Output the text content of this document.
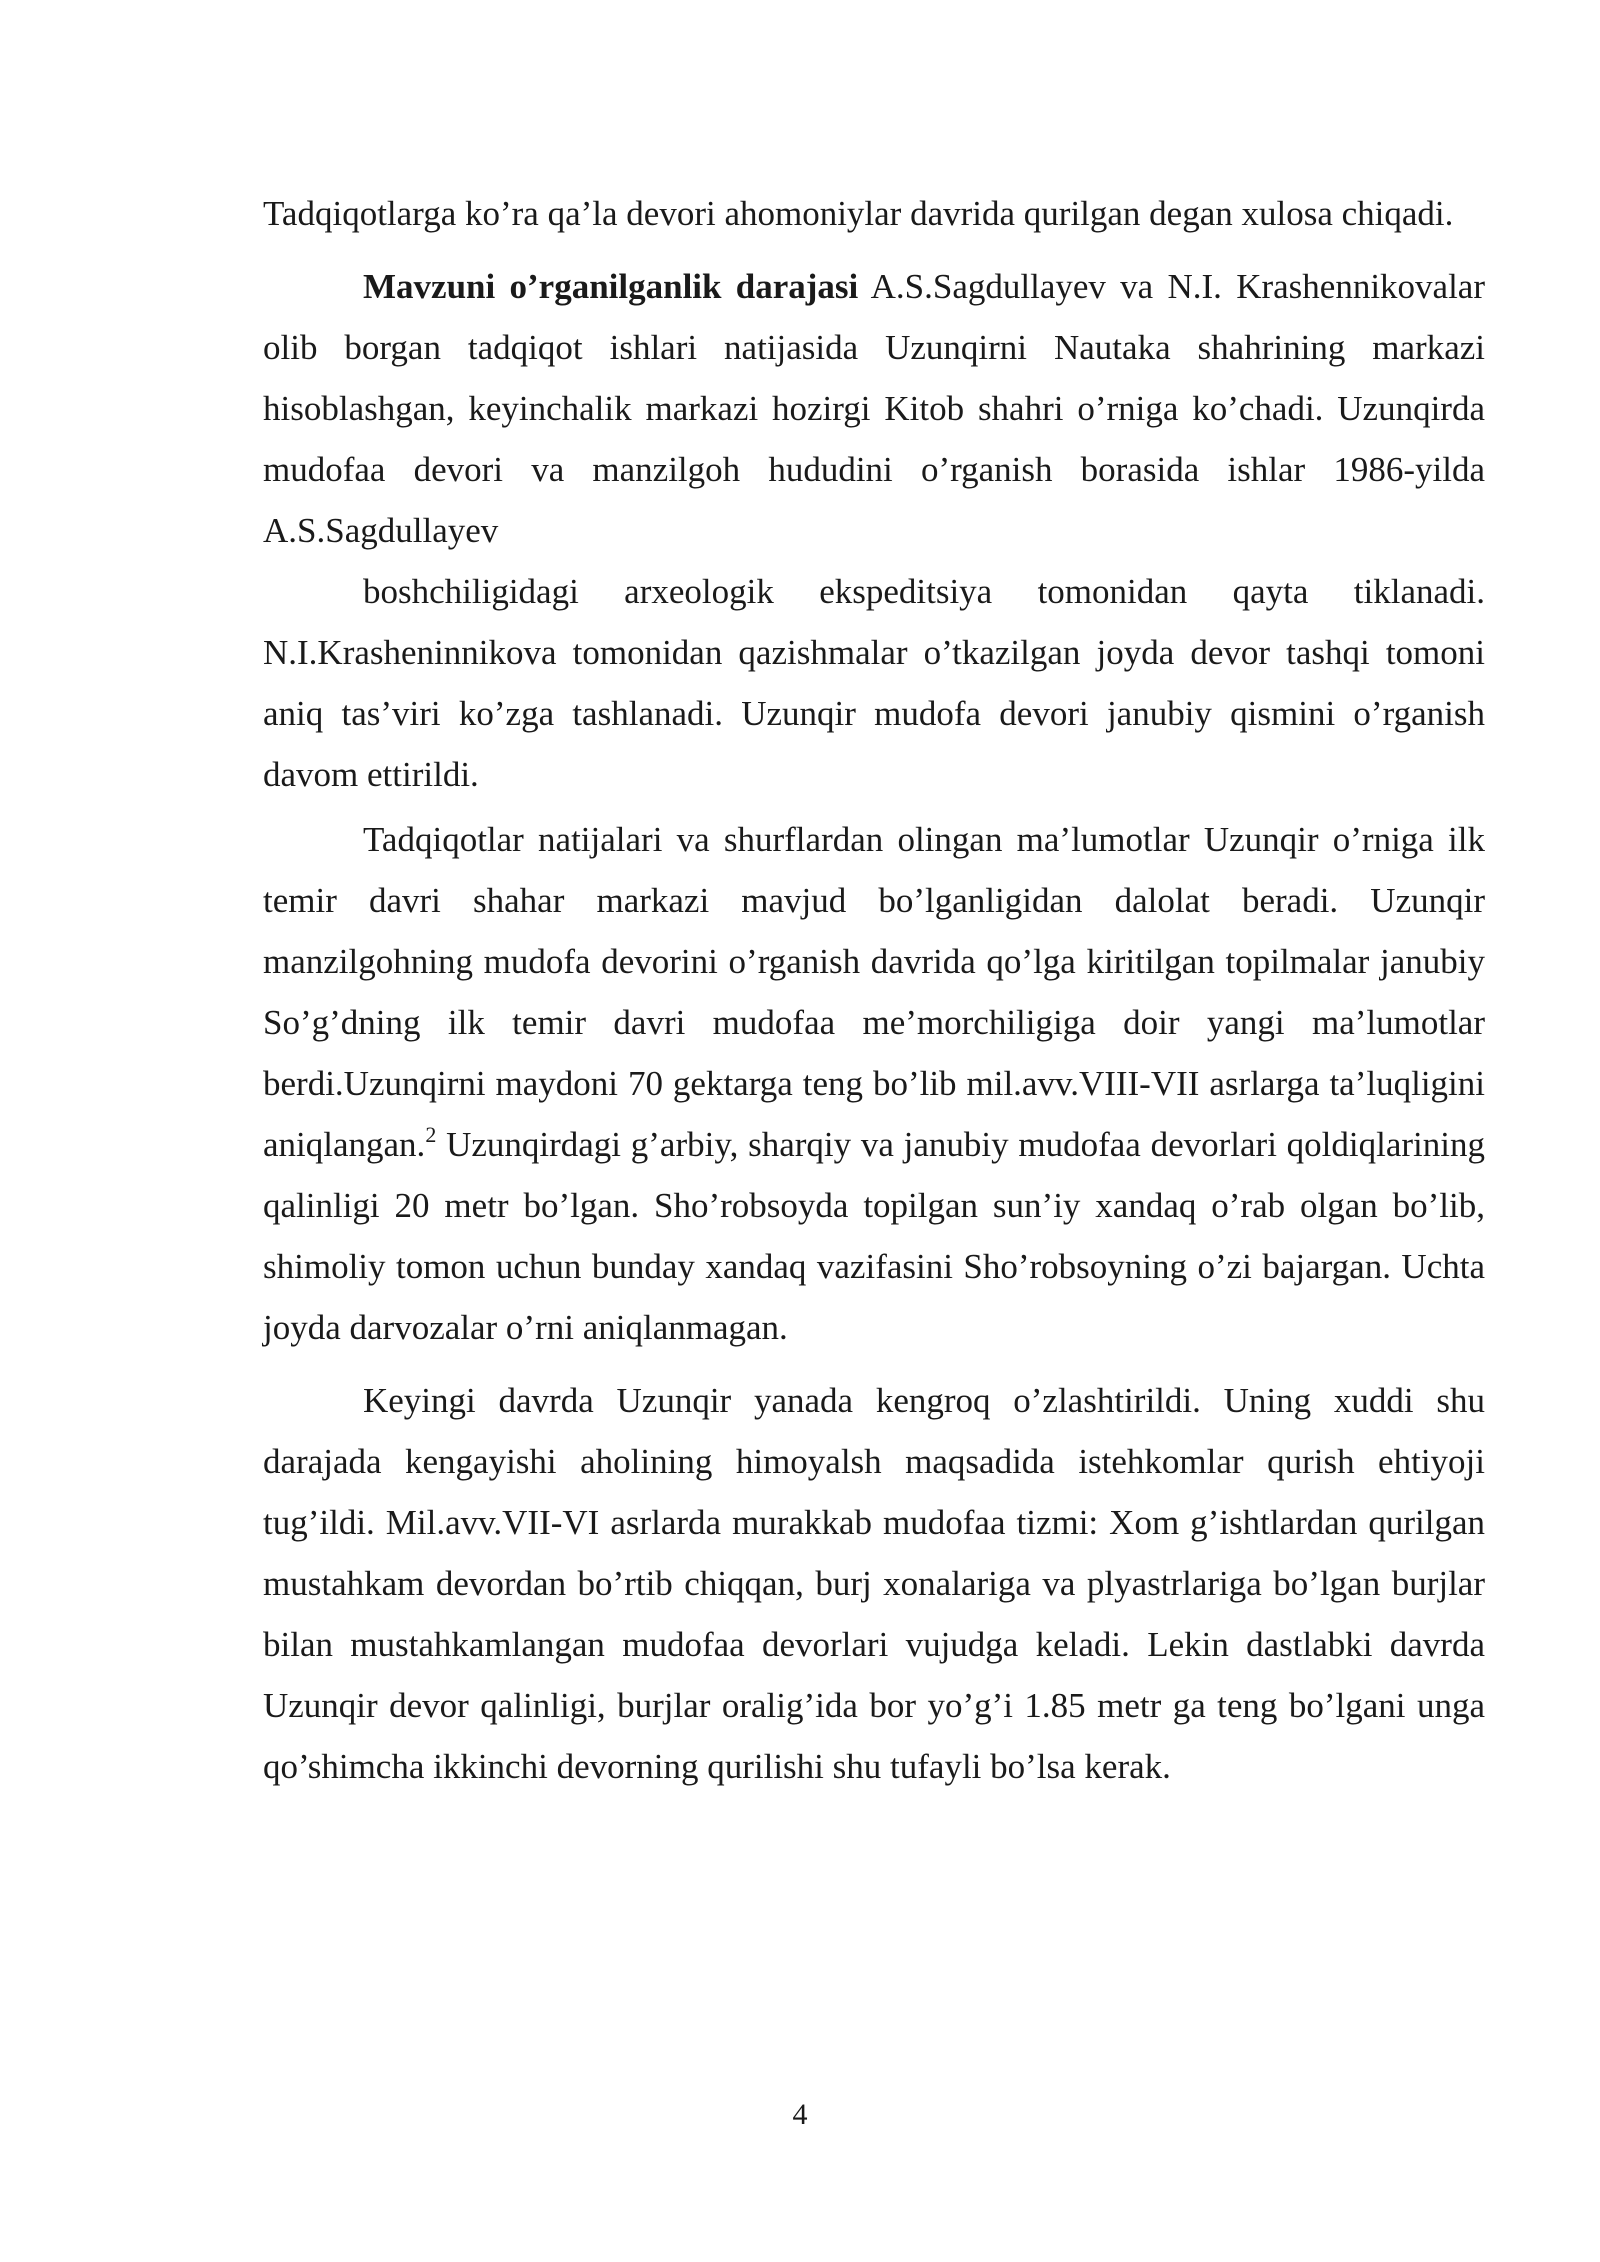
Tadqiqotlarga ko’ra qa’la devori ahomoniylar davrida qurilgan degan xulosa chiqadi.

Mavzuni o’rganilganlik darajasi A.S.Sagdullayev va N.I. Krashennikovalar olib borgan tadqiqot ishlari natijasida Uzunqirni Nautaka shahrining markazi hisoblashgan, keyinchalik markazi hozirgi Kitob shahri o’rniga ko’chadi. Uzunqirda mudofaa devori va manzilgoh hududini o’rganish borasida ishlar 1986-yilda A.S.Sagdullayev
boshchiligidagi arxeologik ekspeditsiya tomonidan qayta tiklanadi.
N.I.Krasheninnikova tomonidan qazishmalar o’tkazilgan joyda devor tashqi tomoni aniq tas’viri ko’zga tashlanadi. Uzunqir mudofa devori janubiy qismini o’rganish davom ettirildi.

Tadqiqotlar natijalari va shurflardan olingan ma’lumotlar Uzunqir o’rniga ilk temir davri shahar markazi mavjud bo’lganligidan dalolat beradi. Uzunqir manzilgohning mudofa devorini o’rganish davrida qo’lga kiritilgan topilmalar janubiy So’g’dning ilk temir davri mudofaa me’morchiligiga doir yangi ma’lumotlar berdi.Uzunqirni maydoni 70 gektarga teng bo’lib mil.avv.VIII-VII asrlarga ta’luqligini aniqlangan.$^2$ Uzunqirdagi g’arbiy, sharqiy va janubiy mudofaa devorlari qoldiqlarining qalinligi 20 metr bo’lgan. Sho’robsoyda topilgan sun’iy xandaq o’rab olgan bo’lib, shimoliy tomon uchun bunday xandaq vazifasini Sho’robsoyning o’zi bajargan. Uchta joyda darvozalar o’rni aniqlanmagan.

Keyingi davrda Uzunqir yanada kengroq o’zlashtirildi. Uning xuddi shu darajada kengayishi aholining himoyalsh maqsadida istehkomlar qurish ehtiyoji tug’ildi. Mil.avv.VII-VI asrlarda murakkab mudofaa tizmi: Xom g’ishtlardan qurilgan mustahkam devordan bo’rtib chiqqan, burj xonalariga va plyastrlariga bo’lgan burjlar bilan mustahkamlangan mudofaa devorlari vujudga keladi. Lekin dastlabki davrda Uzunqir devor qalinligi, burjlar oralig’ida bor yo’g’i 1.85 metr ga teng bo’lgani unga qo’shimcha ikkinchi devorning qurilishi shu tufayli bo’lsa kerak.

4
